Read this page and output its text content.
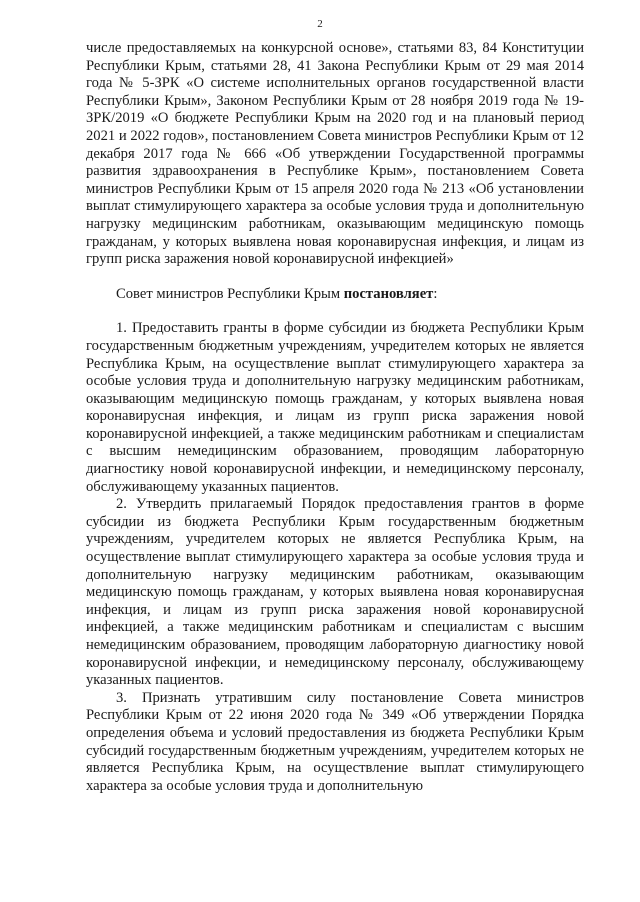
2

числе предоставляемых на конкурсной основе», статьями 83, 84 Конституции Республики Крым, статьями 28, 41 Закона Республики Крым от 29 мая 2014 года № 5-ЗРК «О системе исполнительных органов государственной власти Республики Крым», Законом Республики Крым от 28 ноября 2019 года № 19-ЗРК/2019 «О бюджете Республики Крым на 2020 год и на плановый период 2021 и 2022 годов», постановлением Совета министров Республики Крым от 12 декабря 2017 года № 666 «Об утверждении Государственной программы развития здравоохранения в Республике Крым», постановлением Совета министров Республики Крым от 15 апреля 2020 года № 213 «Об установлении выплат стимулирующего характера за особые условия труда и дополнительную нагрузку медицинским работникам, оказывающим медицинскую помощь гражданам, у которых выявлена новая коронавирусная инфекция, и лицам из групп риска заражения новой коронавирусной инфекцией»

Совет министров Республики Крым постановляет:

1. Предоставить гранты в форме субсидии из бюджета Республики Крым государственным бюджетным учреждениям, учредителем которых не является Республика Крым, на осуществление выплат стимулирующего характера за особые условия труда и дополнительную нагрузку медицинским работникам, оказывающим медицинскую помощь гражданам, у которых выявлена новая коронавирусная инфекция, и лицам из групп риска заражения новой коронавирусной инфекцией, а также медицинским работникам и специалистам с высшим немедицинским образованием, проводящим лабораторную диагностику новой коронавирусной инфекции, и немедицинскому персоналу, обслуживающему указанных пациентов.

2. Утвердить прилагаемый Порядок предоставления грантов в форме субсидии из бюджета Республики Крым государственным бюджетным учреждениям, учредителем которых не является Республика Крым, на осуществление выплат стимулирующего характера за особые условия труда и дополнительную нагрузку медицинским работникам, оказывающим медицинскую помощь гражданам, у которых выявлена новая коронавирусная инфекция, и лицам из групп риска заражения новой коронавирусной инфекцией, а также медицинским работникам и специалистам с высшим немедицинским образованием, проводящим лабораторную диагностику новой коронавирусной инфекции, и немедицинскому персоналу, обслуживающему указанных пациентов.

3. Признать утратившим силу постановление Совета министров Республики Крым от 22 июня 2020 года № 349 «Об утверждении Порядка определения объема и условий предоставления из бюджета Республики Крым субсидий государственным бюджетным учреждениям, учредителем которых не является Республика Крым, на осуществление выплат стимулирующего характера за особые условия труда и дополнительную
